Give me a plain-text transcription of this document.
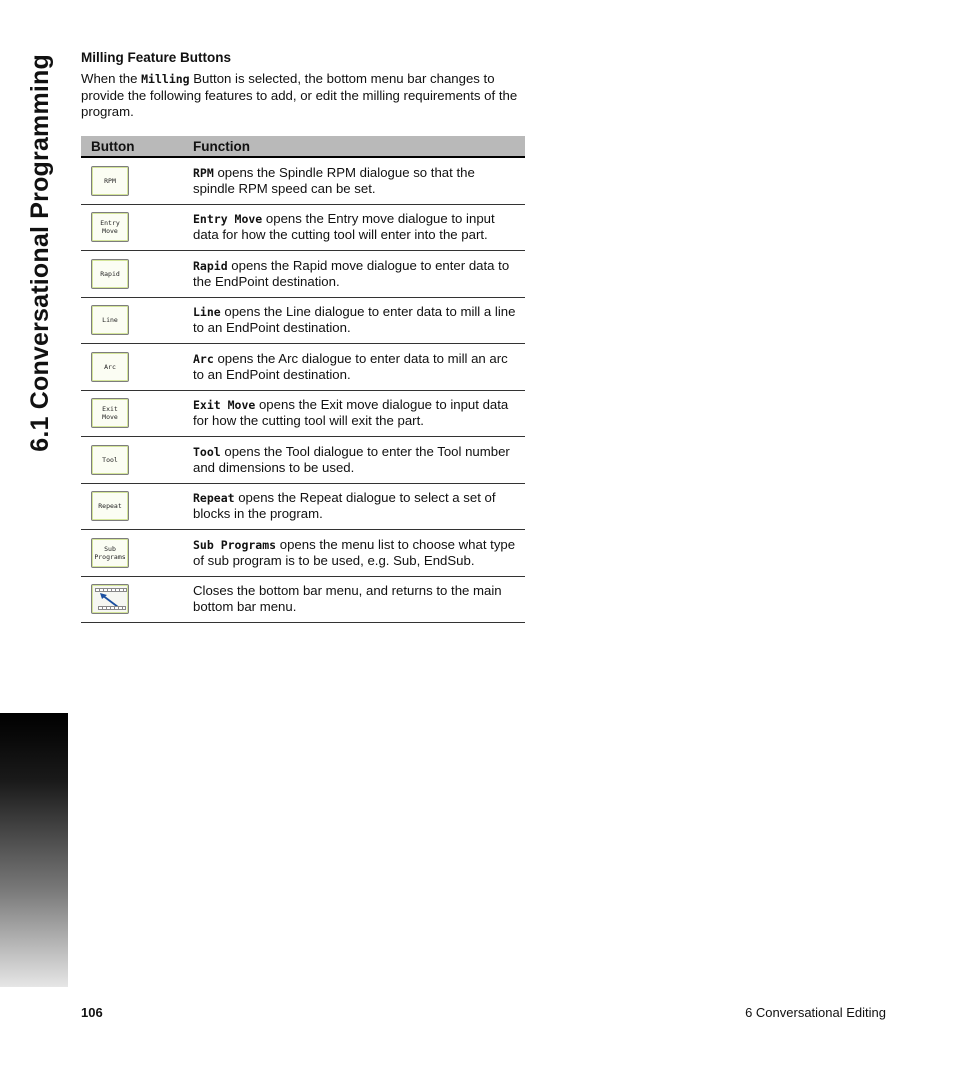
6.1 Conversational Programming Milling Feature Buttons
When the Milling Button is selected, the bottom menu bar changes to provide the following features to add, or edit the milling requirements of the program.
Button	Function

RPM	RPM opens the Spindle RPM dialogue so that the spindle RPM speed can be set.

Entry
Move	Entry Move opens the Entry move dialogue to input data for how the cutting tool will enter into the part.

Rapid	Rapid opens the Rapid move dialogue to enter data to the EndPoint destination.

Line	Line opens the Line dialogue to enter data to mill a line to an EndPoint destination.

Arc	Arc opens the Arc dialogue to enter data to mill an arc to an EndPoint destination.

Exit
Move	Exit Move opens the Exit move dialogue to input data for how the cutting tool will exit the part.

Tool	Tool opens the Tool dialogue to enter the Tool number and dimensions to be used.

Repeat	Repeat opens the Repeat dialogue to select a set of blocks in the program.

Sub
Programs	Sub Programs opens the menu list to choose what type of sub program is to be used, e.g. Sub, EndSub.

	Closes the bottom bar menu, and returns to the main bottom bar menu.
106	6 Conversational Editing
